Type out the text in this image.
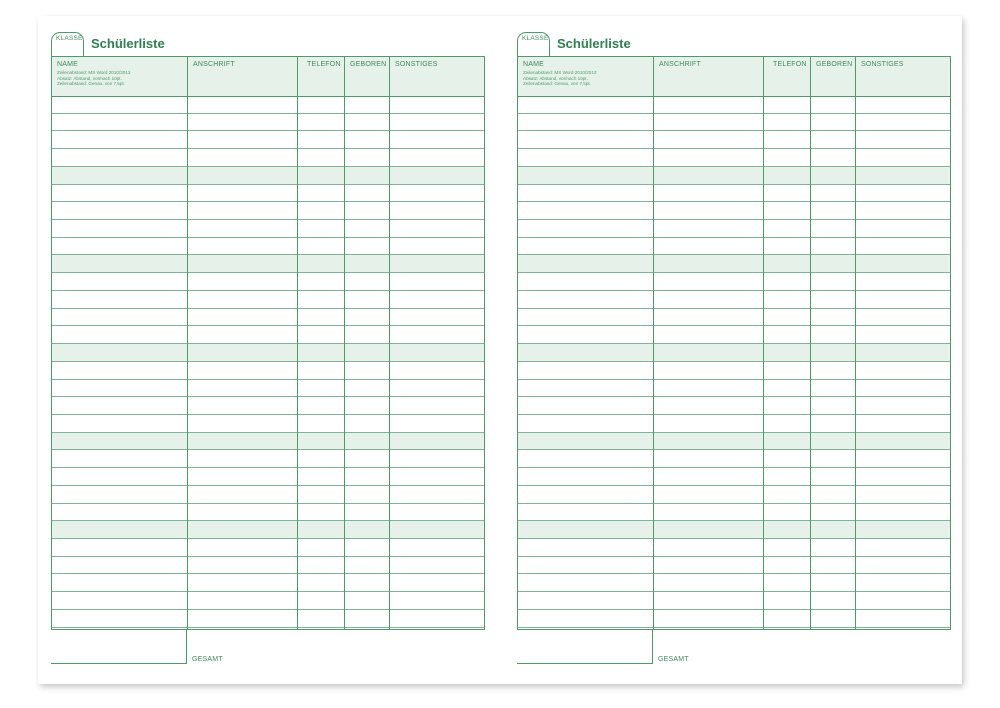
KLASSE Schülerliste
NAME
Zeilenabstand: MS Word 2010/2013
Absatz: Abstand, vor/nach 10pt.
Zeilenabstand: Genau, von 7,5pt.
ANSCHRIFT	TELEFON GEBOREN SONSTIGES
GESAMT
KLASSE Schülerliste
NAME
Zeilenabstand: MS Word 2010/2013
Absatz: Abstand, vor/nach 10pt.
Zeilenabstand: Genau, von 7,5pt.
ANSCHRIFT	TELEFON GEBOREN SONSTIGES
GESAMT
